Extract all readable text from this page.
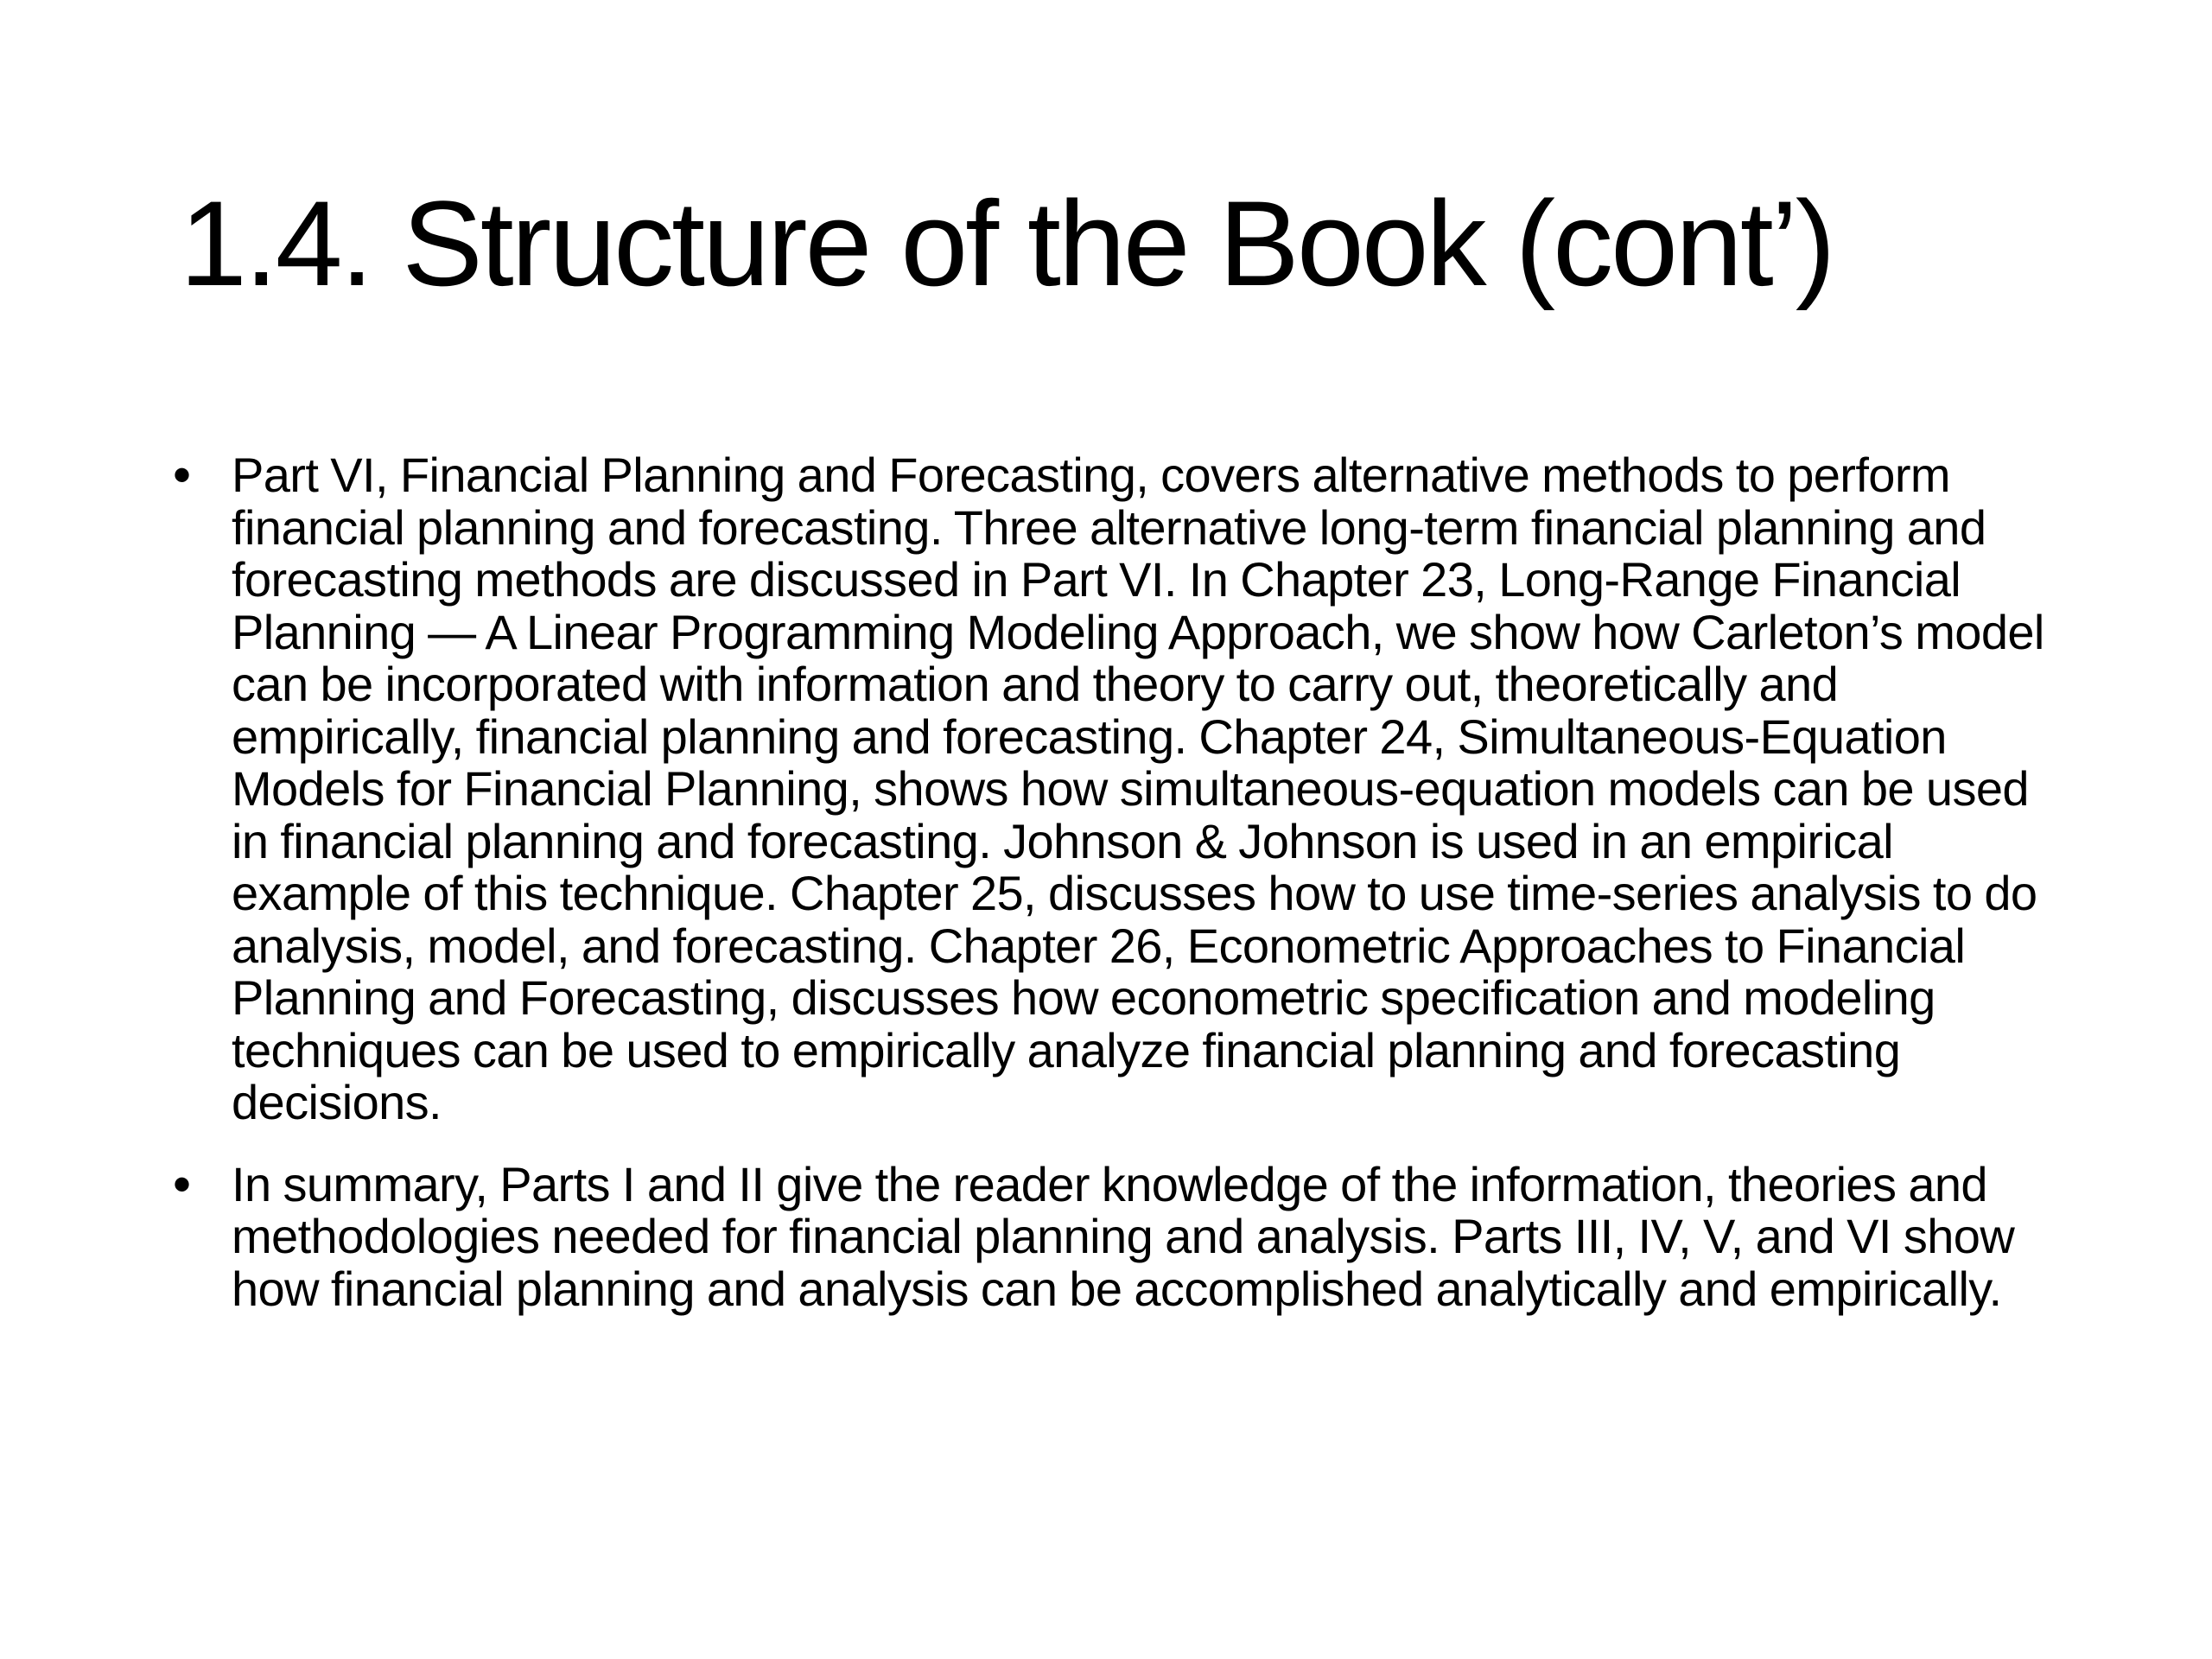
1.4. Structure of the Book (cont’)
• Part VI, Financial Planning and Forecasting, covers alternative methods to perform financial planning and forecasting. Three alternative long-term financial planning and forecasting methods are discussed in Part VI. In Chapter 23, Long-Range Financial Planning — A Linear Programming Modeling Approach, we show how Carleton’s model can be incorporated with information and theory to carry out, theoretically and empirically, financial planning and forecasting. Chapter 24, Simultaneous-Equation Models for Financial Planning, shows how simultaneous-equation models can be used in financial planning and forecasting. Johnson & Johnson is used in an empirical example of this technique. Chapter 25, discusses how to use time-series analysis to do analysis, model, and forecasting. Chapter 26, Econometric Approaches to Financial Planning and Forecasting, discusses how econometric specification and modeling techniques can be used to empirically analyze financial planning and forecasting decisions.
• In summary, Parts I and II give the reader knowledge of the information, theories and methodologies needed for financial planning and analysis. Parts III, IV, V, and VI show how financial planning and analysis can be accomplished analytically and empirically.
